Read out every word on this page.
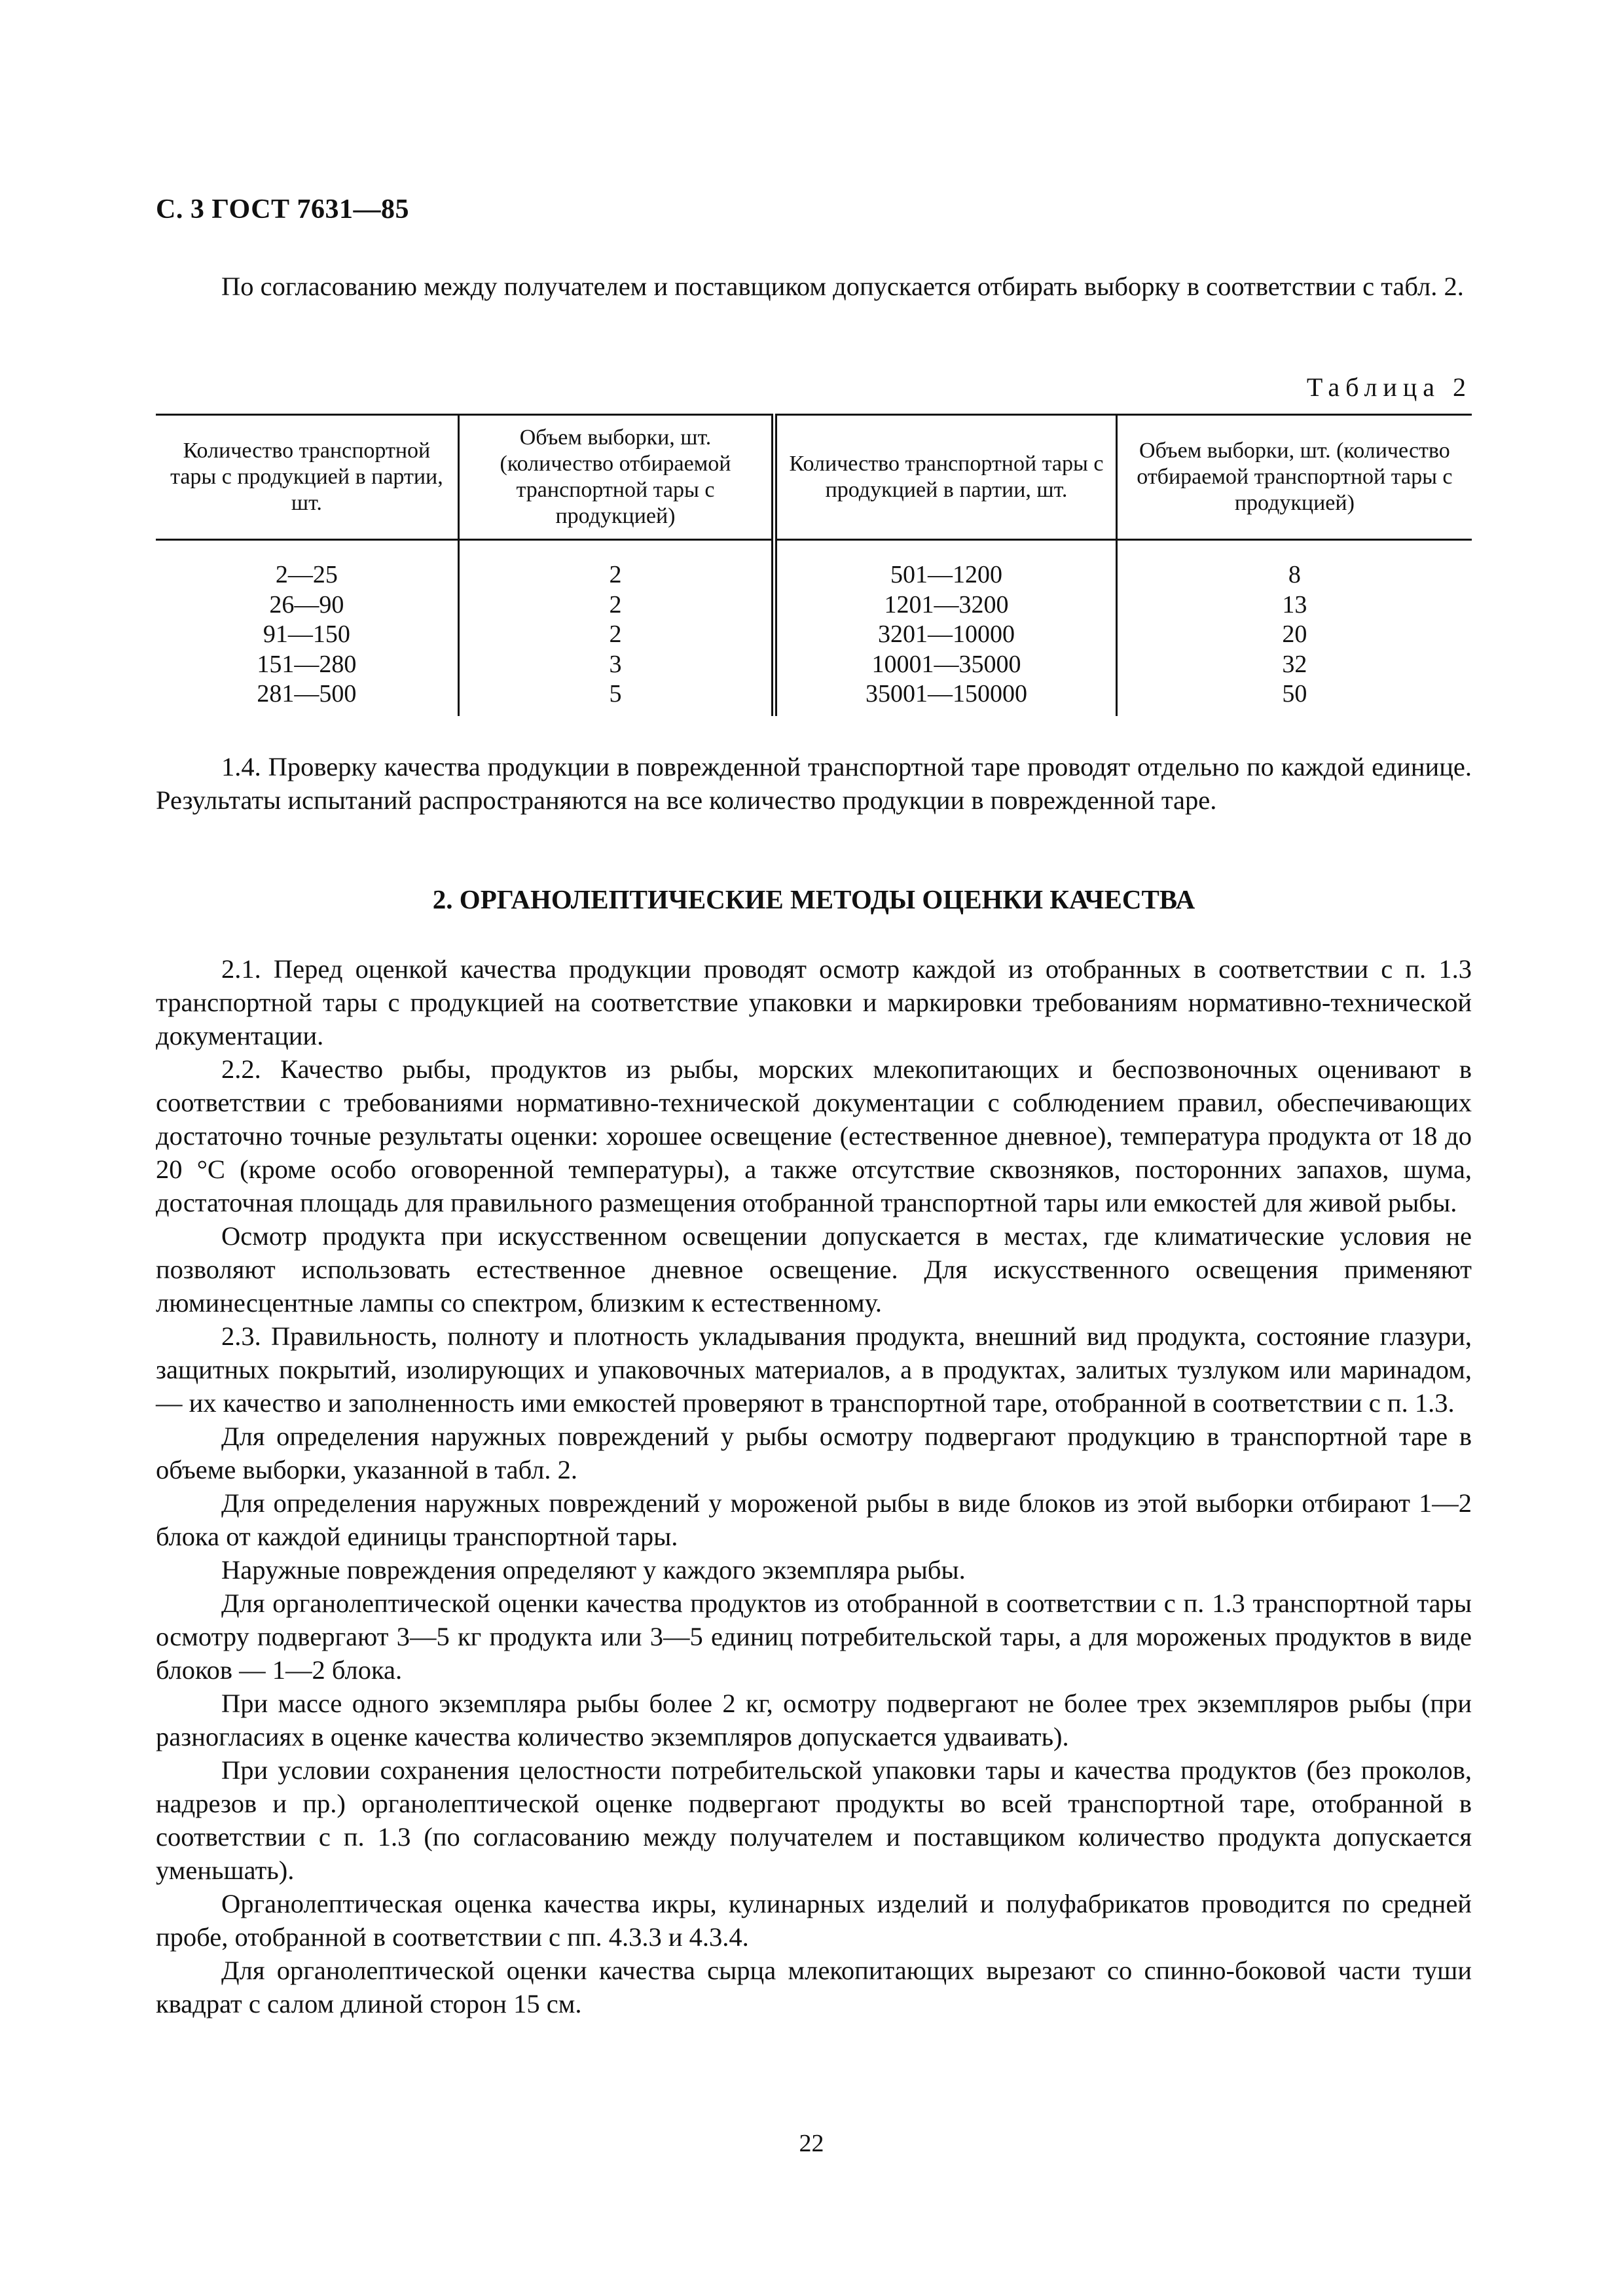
С. 3 ГОСТ 7631—85

По согласованию между получателем и поставщиком допускается отбирать выборку в соответствии с табл. 2.

Таблица 2
Количество транспортной тары с продукцией в партии, шт.	Объем выборки, шт. (количество отбираемой транспортной тары с продукцией)	Количество транспортной тары с продукцией в партии, шт.	Объем выборки, шт. (количество отбираемой транспортной тары с продукцией)
2—25	2	501—1200	8
26—90	2	1201—3200	13
91—150	2	3201—10000	20
151—280	3	10001—35000	32
281—500	5	35001—150000	50

1.4. Проверку качества продукции в поврежденной транспортной таре проводят отдельно по каждой единице. Результаты испытаний распространяются на все количество продукции в поврежденной таре.

2. ОРГАНОЛЕПТИЧЕСКИЕ МЕТОДЫ ОЦЕНКИ КАЧЕСТВА

2.1. Перед оценкой качества продукции проводят осмотр каждой из отобранных в соответствии с п. 1.3 транспортной тары с продукцией на соответствие упаковки и маркировки требованиям нормативно-технической документации.

2.2. Качество рыбы, продуктов из рыбы, морских млекопитающих и беспозвоночных оценивают в соответствии с требованиями нормативно-технической документации с соблюдением правил, обеспечивающих достаточно точные результаты оценки: хорошее освещение (естественное дневное), температура продукта от 18 до 20 °С (кроме особо оговоренной температуры), а также отсутствие сквозняков, посторонних запахов, шума, достаточная площадь для правильного размещения отобранной транспортной тары или емкостей для живой рыбы.

Осмотр продукта при искусственном освещении допускается в местах, где климатические условия не позволяют использовать естественное дневное освещение. Для искусственного освещения применяют люминесцентные лампы со спектром, близким к естественному.

2.3. Правильность, полноту и плотность укладывания продукта, внешний вид продукта, состояние глазури, защитных покрытий, изолирующих и упаковочных материалов, а в продуктах, залитых тузлуком или маринадом, — их качество и заполненность ими емкостей проверяют в транспортной таре, отобранной в соответствии с п. 1.3.

Для определения наружных повреждений у рыбы осмотру подвергают продукцию в транспортной таре в объеме выборки, указанной в табл. 2.

Для определения наружных повреждений у мороженой рыбы в виде блоков из этой выборки отбирают 1—2 блока от каждой единицы транспортной тары.

Наружные повреждения определяют у каждого экземпляра рыбы.

Для органолептической оценки качества продуктов из отобранной в соответствии с п. 1.3 транспортной тары осмотру подвергают 3—5 кг продукта или 3—5 единиц потребительской тары, а для мороженых продуктов в виде блоков — 1—2 блока.

При массе одного экземпляра рыбы более 2 кг, осмотру подвергают не более трех экземпляров рыбы (при разногласиях в оценке качества количество экземпляров допускается удваивать).

При условии сохранения целостности потребительской упаковки тары и качества продуктов (без проколов, надрезов и пр.) органолептической оценке подвергают продукты во всей транспортной таре, отобранной в соответствии с п. 1.3 (по согласованию между получателем и поставщиком количество продукта допускается уменьшать).

Органолептическая оценка качества икры, кулинарных изделий и полуфабрикатов проводится по средней пробе, отобранной в соответствии с пп. 4.3.3 и 4.3.4.

Для органолептической оценки качества сырца млекопитающих вырезают со спинно-боковой части туши квадрат с салом длиной сторон 15 см.

22
